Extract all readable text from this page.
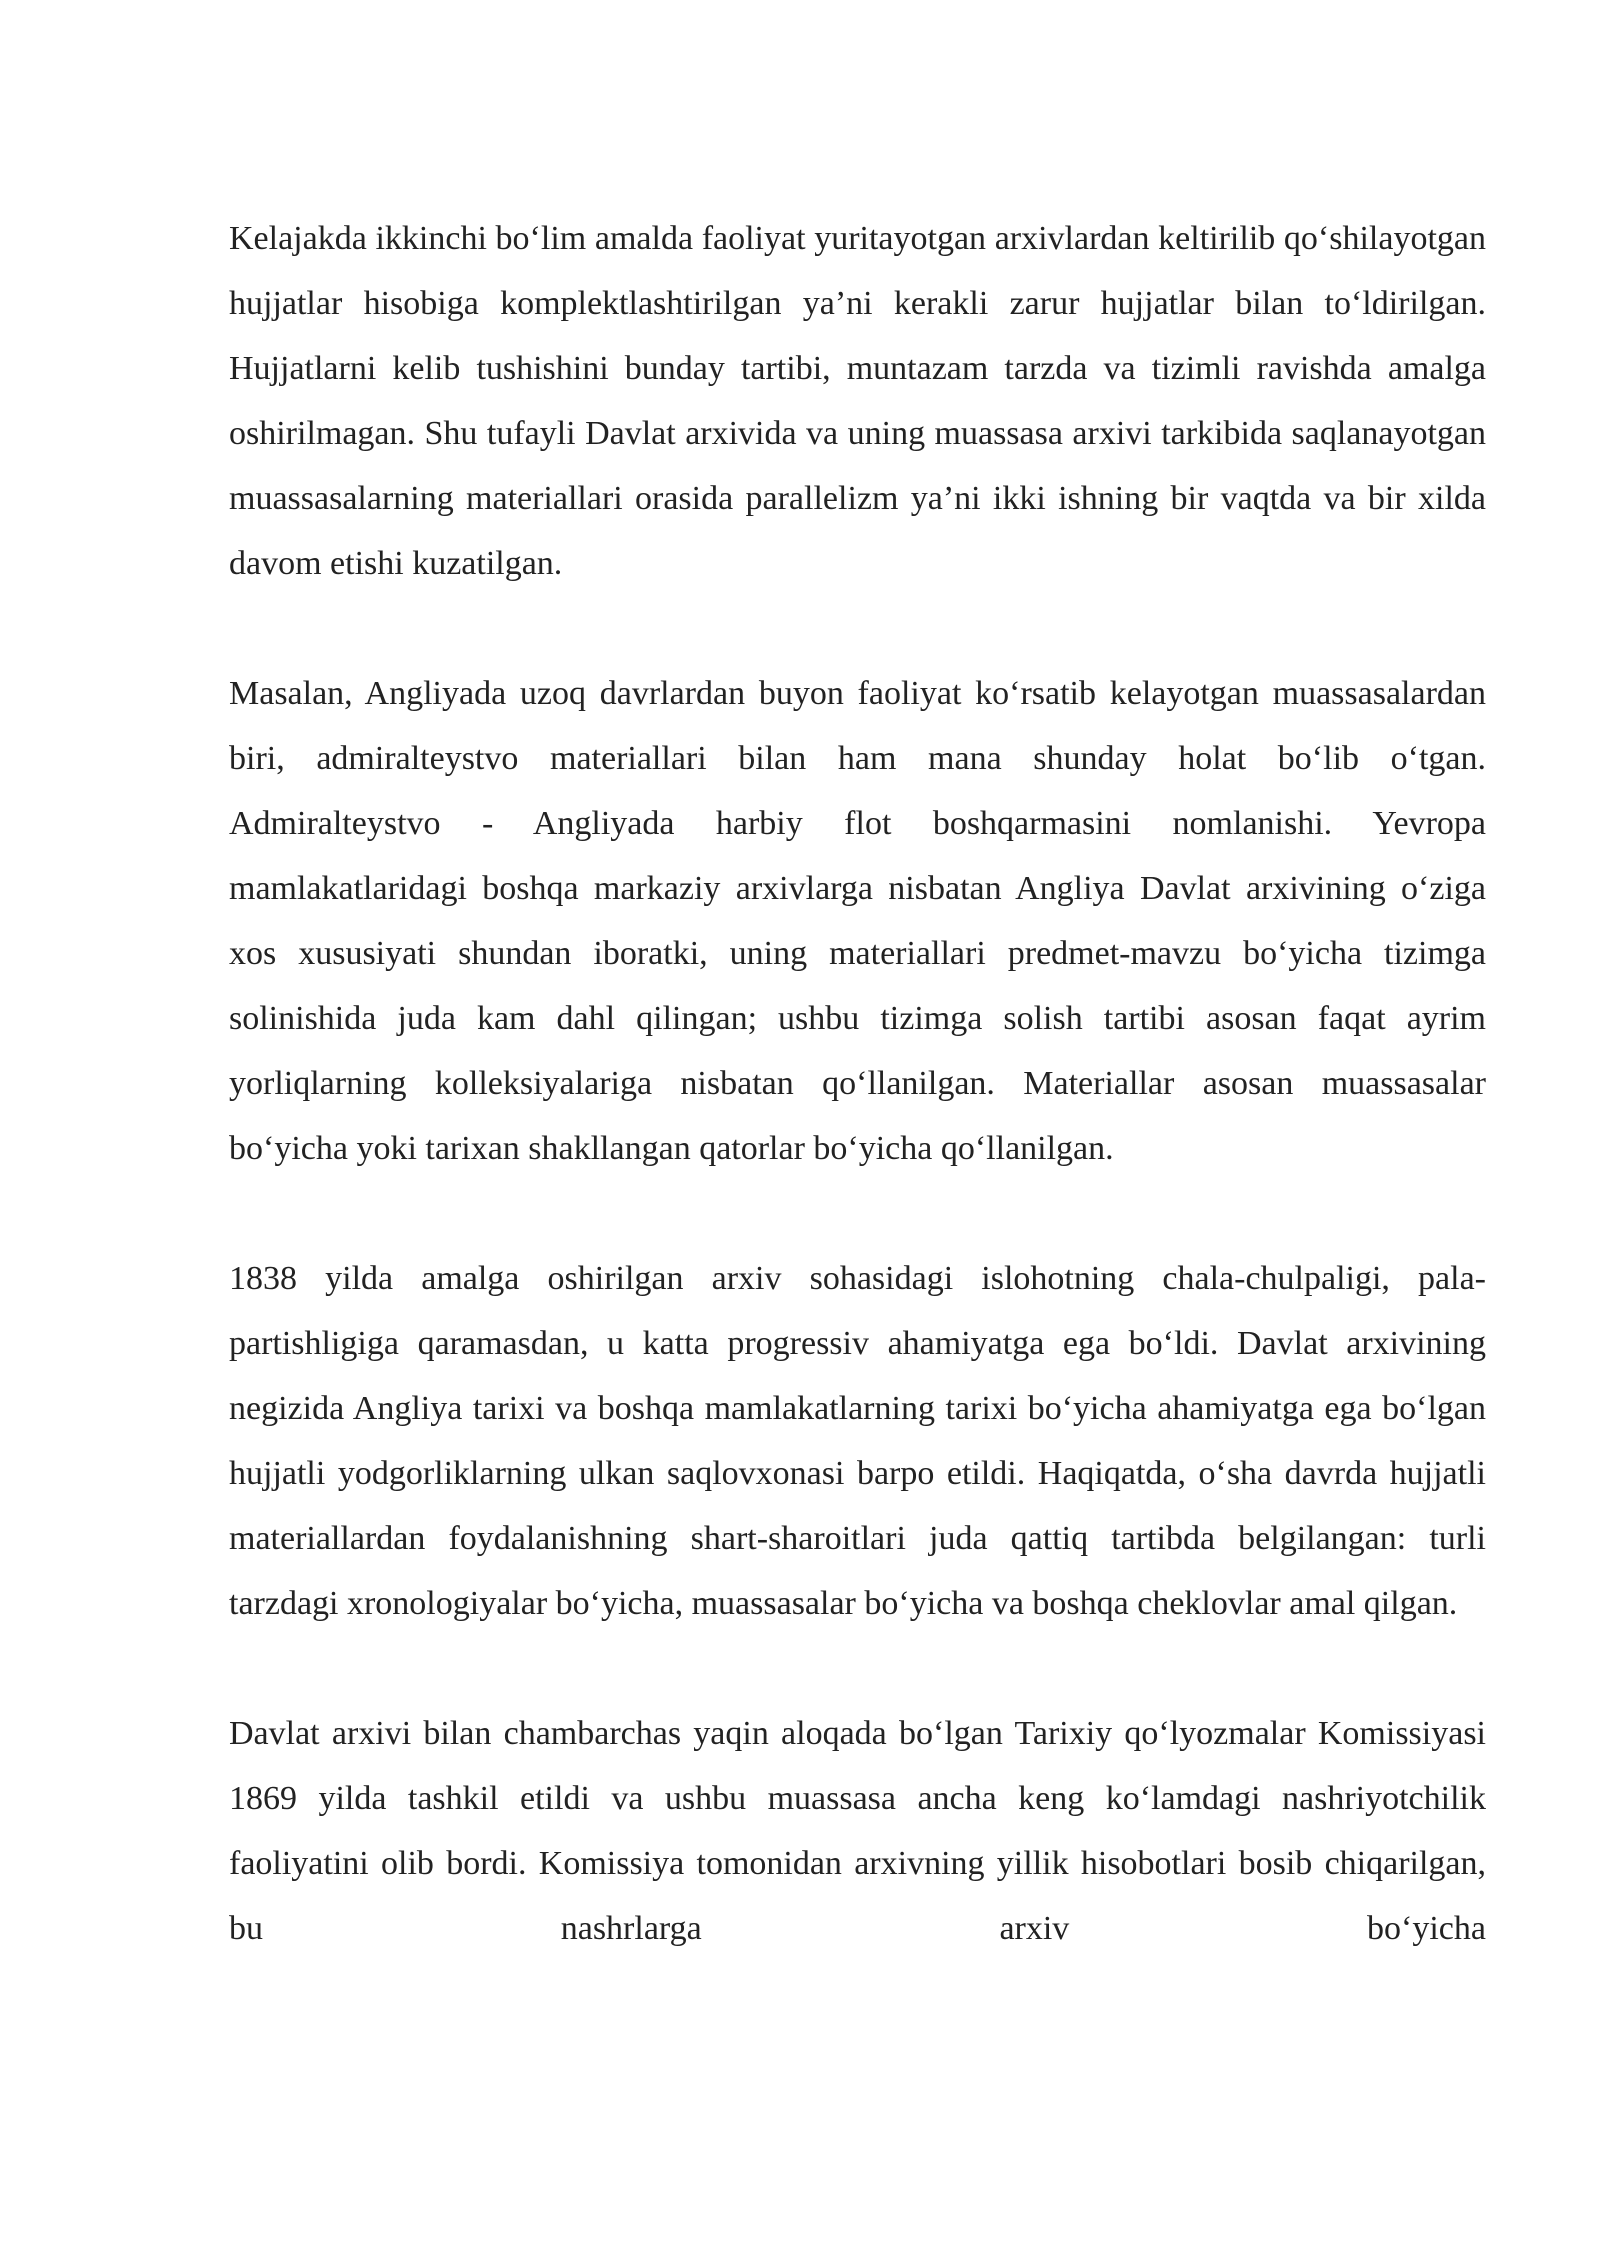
Kelajakda ikkinchi bo‘lim amalda faoliyat yuritayotgan arxivlardan keltirilib qo‘shilayotgan hujjatlar hisobiga komplektlashtirilgan ya’ni kerakli zarur hujjatlar bilan to‘ldirilgan. Hujjatlarni kelib tushishini bunday tartibi, muntazam tarzda va tizimli ravishda amalga oshirilmagan. Shu tufayli Davlat arxivida va uning muassasa arxivi tarkibida saqlanayotgan muassasalarning materiallari orasida parallelizm ya’ni ikki ishning bir vaqtda va bir xilda davom etishi kuzatilgan.

Masalan, Angliyada uzoq davrlardan buyon faoliyat ko‘rsatib kelayotgan muassasalardan biri, admiralteystvo materiallari bilan ham mana shunday holat bo‘lib o‘tgan. Admiralteystvo - Angliyada harbiy flot boshqarmasini nomlanishi. Yevropa mamlakatlaridagi boshqa markaziy arxivlarga nisbatan Angliya Davlat arxivining o‘ziga xos xususiyati shundan iboratki, uning materiallari predmet-mavzu bo‘yicha tizimga solinishida juda kam dahl qilingan; ushbu tizimga solish tartibi asosan faqat ayrim yorliqlarning kolleksiyalariga nisbatan qo‘llanilgan. Materiallar asosan muassasalar bo‘yicha yoki tarixan shakllangan qatorlar bo‘yicha qo‘llanilgan.

1838 yilda amalga oshirilgan arxiv sohasidagi islohotning chala-chulpaligi, pala-partishligiga qaramasdan, u katta progressiv ahamiyatga ega bo‘ldi. Davlat arxivining negizida Angliya tarixi va boshqa mamlakatlarning tarixi bo‘yicha ahamiyatga ega bo‘lgan hujjatli yodgorliklarning ulkan saqlovxonasi barpo etildi. Haqiqatda, o‘sha davrda hujjatli materiallardan foydalanishning shart-sharoitlari juda qattiq tartibda belgilangan: turli tarzdagi xronologiyalar bo‘yicha, muassasalar bo‘yicha va boshqa cheklovlar amal qilgan.

Davlat arxivi bilan chambarchas yaqin aloqada bo‘lgan Tarixiy qo‘lyozmalar Komissiyasi 1869 yilda tashkil etildi va ushbu muassasa ancha keng ko‘lamdagi nashriyotchilik faoliyatini olib bordi. Komissiya tomonidan arxivning yillik hisobotlari bosib chiqarilgan, bu nashrlarga arxiv bo‘yicha
